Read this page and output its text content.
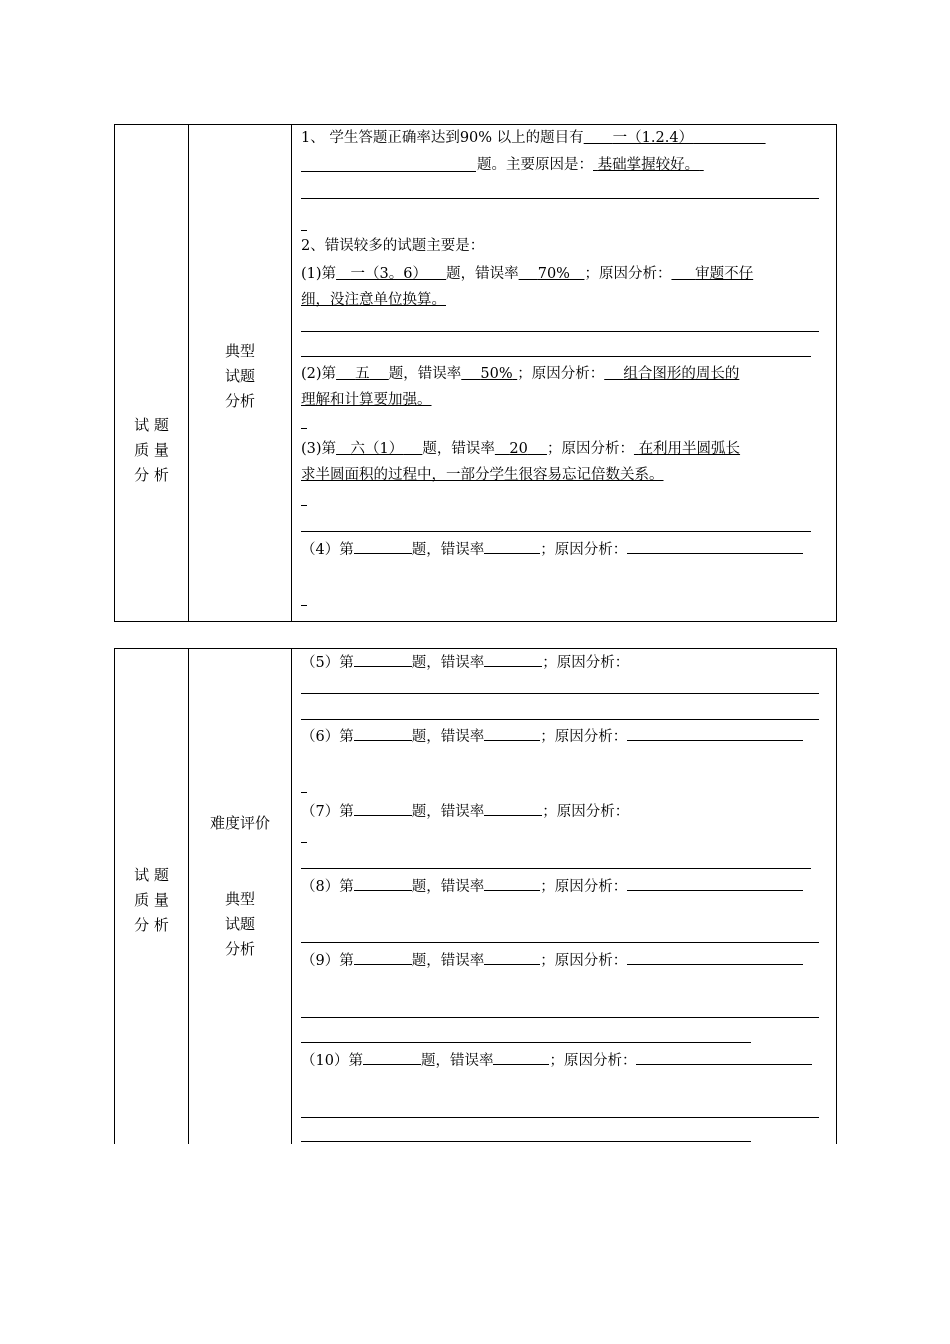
试 题
质 量
分 析
典型
试题
分析
1、 学生答题正确率达到90% 以上的题目有   一（1.2.4）     
题。主要原因是： 基础掌握较好。
2、错误较多的试题主要是：
(1)第  一（3。6）  题，错误率  70%  ；原因分析：  审题不仔
细，没注意单位换算。
(2)第  五  题，错误率  50% ；原因分析：  组合图形的周长的
理解和计算要加强。
(3)第  六（1）  题，错误率  20  ；原因分析： 在利用半圆弧长
求半圆面积的过程中，一部分学生很容易忘记倍数关系。
（4）第	题，错误率	；原因分析：
试 题
质 量
分 析
难度评价
典型
试题
分析
（5）第	题，错误率	；原因分析：
（6）第	题，错误率	；原因分析：
（7）第	题，错误率	；原因分析：
（8）第	题，错误率	；原因分析：
（9）第	题，错误率	；原因分析：
（10）第	题，错误率	；原因分析：
